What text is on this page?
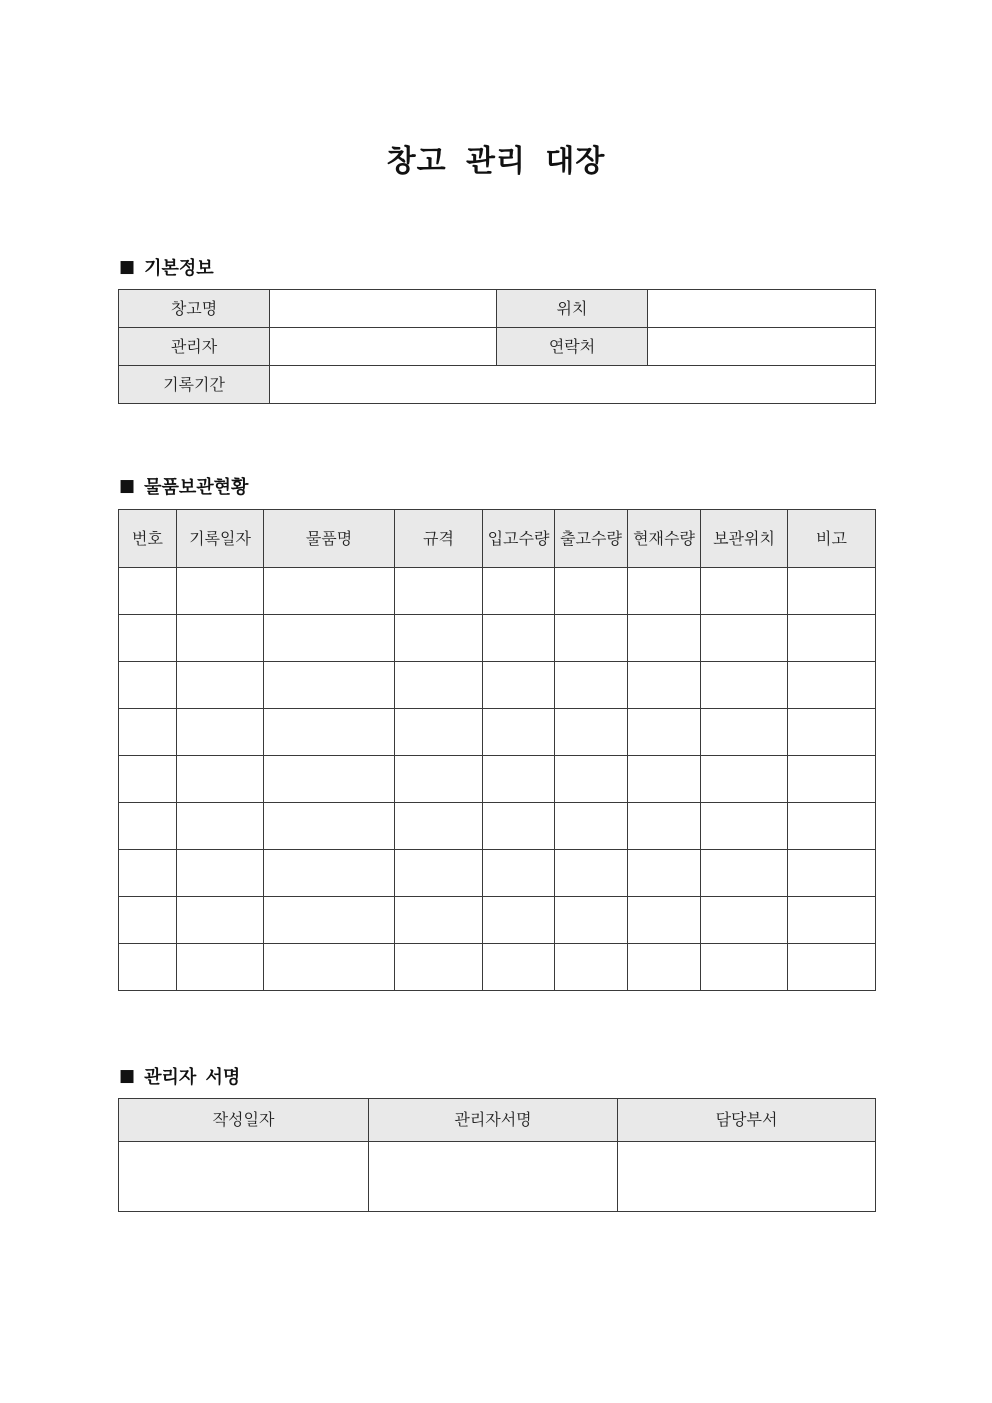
창고 관리 대장
■ 기본정보
창고명		위치	
관리자		연락처	
기록기간			
■ 물품보관현황
번호	기록일자	물품명	규격	입고수량	출고수량	현재수량	보관위치	비고

■ 관리자 서명
작성일자	관리자서명	담당부서
